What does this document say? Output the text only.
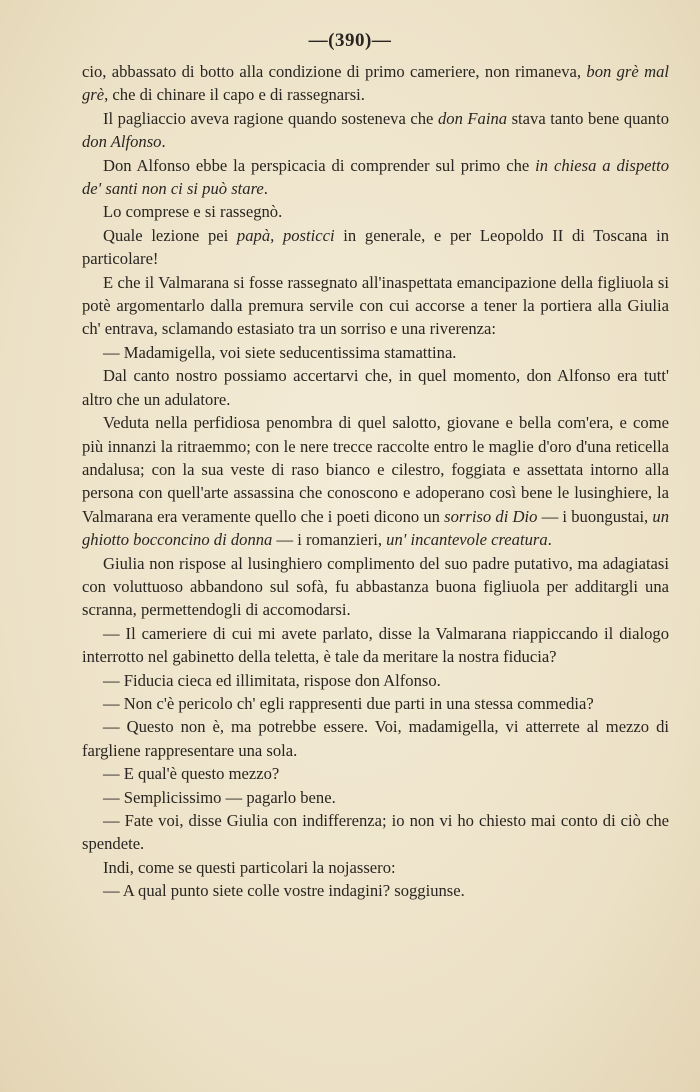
—(390)—

cio, abbassato di botto alla condizione di primo cameriere, non rimaneva, bon grè mal grè, che di chinare il capo e di rassegnarsi.

Il pagliaccio aveva ragione quando sosteneva che don Faina stava tanto bene quanto don Alfonso.

Don Alfonso ebbe la perspicacia di comprender sul primo che in chiesa a dispetto de' santi non ci si può stare.

Lo comprese e si rassegnò.

Quale lezione pei papà, posticci in generale, e per Leopoldo II di Toscana in particolare!

E che il Valmarana si fosse rassegnato all'inaspettata emancipazione della figliuola si potè argomentarlo dalla premura servile con cui accorse a tener la portiera alla Giulia ch' entrava, sclamando estasiato tra un sorriso e una riverenza:

— Madamigella, voi siete seducentissima stamattina.

Dal canto nostro possiamo accertarvi che, in quel momento, don Alfonso era tutt' altro che un adulatore.

Veduta nella perfidiosa penombra di quel salotto, giovane e bella com'era, e come più innanzi la ritraemmo; con le nere trecce raccolte entro le maglie d'oro d'una reticella andalusa; con la sua veste di raso bianco e cilestro, foggiata e assettata intorno alla persona con quell'arte assassina che conoscono e adoperano così bene le lusinghiere, la Valmarana era veramente quello che i poeti dicono un sorriso di Dio — i buongustai, un ghiotto bocconcino di donna — i romanzieri, un' incantevole creatura.

Giulia non rispose al lusinghiero complimento del suo padre putativo, ma adagiatasi con voluttuoso abbandono sul sofà, fu abbastanza buona figliuola per additargli una scranna, permettendogli di accomodarsi.

— Il cameriere di cui mi avete parlato, disse la Valmarana riappiccando il dialogo interrotto nel gabinetto della teletta, è tale da meritare la nostra fiducia?

— Fiducia cieca ed illimitata, rispose don Alfonso.

— Non c'è pericolo ch' egli rappresenti due parti in una stessa commedia?

— Questo non è, ma potrebbe essere. Voi, madamigella, vi atterrete al mezzo di fargliene rappresentare una sola.

— E qual'è questo mezzo?

— Semplicissimo — pagarlo bene.

— Fate voi, disse Giulia con indifferenza; io non vi ho chiesto mai conto di ciò che spendete.

Indi, come se questi particolari la nojassero:

— A qual punto siete colle vostre indagini? soggiunse.
